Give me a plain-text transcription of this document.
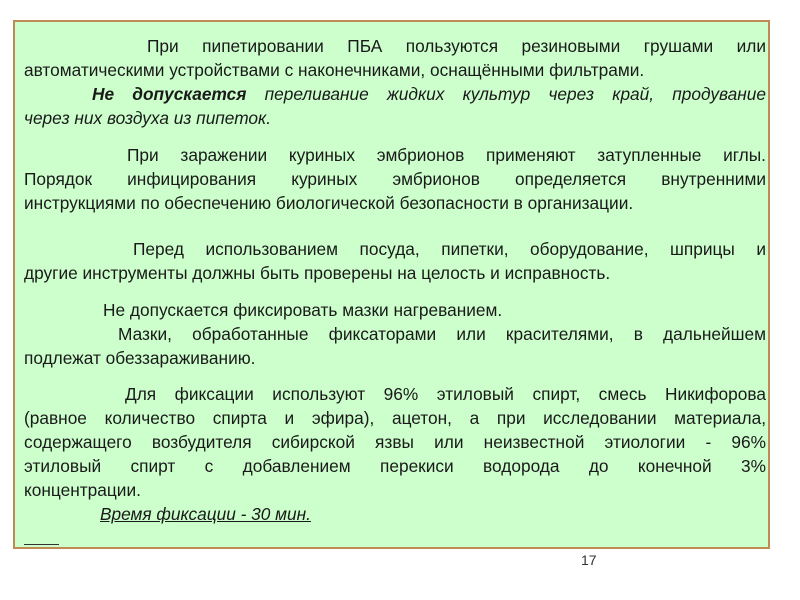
При пипетировании ПБА пользуются резиновыми грушами или
автоматическими устройствами с наконечниками, оснащёнными фильтрами.
Не допускается переливание жидких культур через край, продувание
через них воздуха из пипеток.
При заражении куриных эмбрионов применяют затупленные иглы.
Порядок инфицирования куриных эмбрионов определяется внутренними
инструкциями по обеспечению биологической безопасности в организации.
Перед использованием посуда, пипетки, оборудование, шприцы и
другие инструменты должны быть проверены на целость и исправность.
Не допускается фиксировать мазки нагреванием.
Мазки, обработанные фиксаторами или красителями, в дальнейшем
подлежат обеззараживанию.
Для фиксации используют 96% этиловый спирт, смесь Никифорова
(равное количество спирта и эфира), ацетон, а при исследовании материала,
содержащего возбудителя сибирской язвы или неизвестной этиологии - 96%
этиловый спирт с добавлением перекиси водорода до конечной 3%
концентрации.
Время фиксации - 30 мин.
17
